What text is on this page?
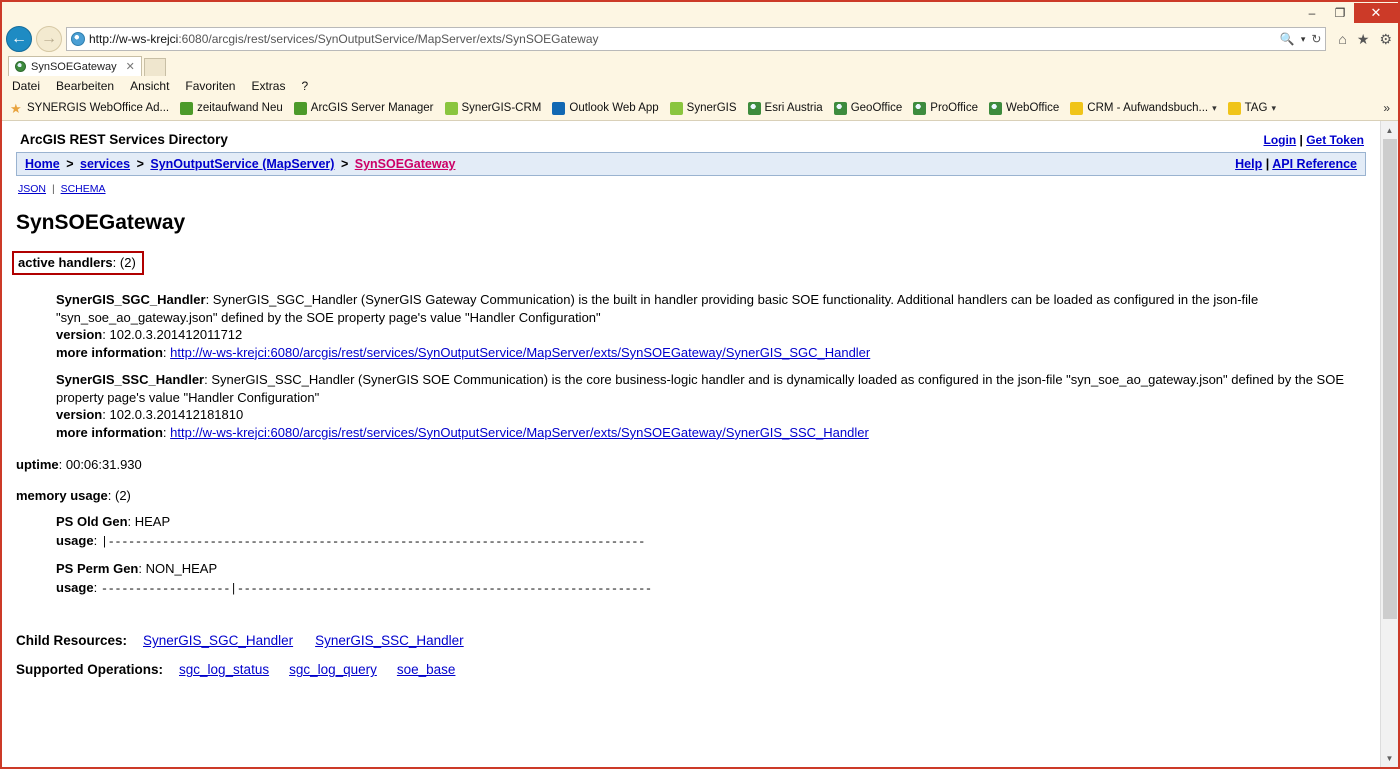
–	❐	✕
← →	http://w-ws-krejci:6080/arcgis/rest/services/SynOutputService/MapServer/exts/SynSOEGateway	🔍 ▾ ↻ ⌂ ★ ⚙
SynSOEGateway ✕
Datei Bearbeiten Ansicht Favoriten Extras ?
★ SYNERGIS WebOffice Ad... zeitaufwand Neu ArcGIS Server Manager SynerGIS-CRM Outlook Web App SynerGIS Esri Austria GeoOffice ProOffice WebOffice CRM - Aufwandsbuch... ▾ TAG ▾	»
ArcGIS REST Services Directory	Login | Get Token
Home > services > SynOutputService (MapServer) > SynSOEGateway	Help | API Reference
JSON | SCHEMA
SynSOEGateway
active handlers: (2)
SynerGIS_SGC_Handler: SynerGIS_SGC_Handler (SynerGIS Gateway Communication) is the built in handler providing basic SOE functionality. Additional handlers can be loaded as configured in the json-file "syn_soe_ao_gateway.json" defined by the SOE property page's value "Handler Configuration"
version: 102.0.3.201412011712
more information: http://w-ws-krejci:6080/arcgis/rest/services/SynOutputService/MapServer/exts/SynSOEGateway/SynerGIS_SGC_Handler
SynerGIS_SSC_Handler: SynerGIS_SSC_Handler (SynerGIS SOE Communication) is the core business-logic handler and is dynamically loaded as configured in the json-file "syn_soe_ao_gateway.json" defined by the SOE property page's value "Handler Configuration"
version: 102.0.3.201412181810
more information: http://w-ws-krejci:6080/arcgis/rest/services/SynOutputService/MapServer/exts/SynSOEGateway/SynerGIS_SSC_Handler
uptime: 00:06:31.930
memory usage: (2)
PS Old Gen: HEAP
usage: |-------------------------------------------------------------------------------
PS Perm Gen: NON_HEAP
usage: -------------------|-------------------------------------------------------------
Child Resources: SynerGIS_SGC_Handler SynerGIS_SSC_Handler
Supported Operations: sgc_log_status sgc_log_query soe_base
▲
▼
